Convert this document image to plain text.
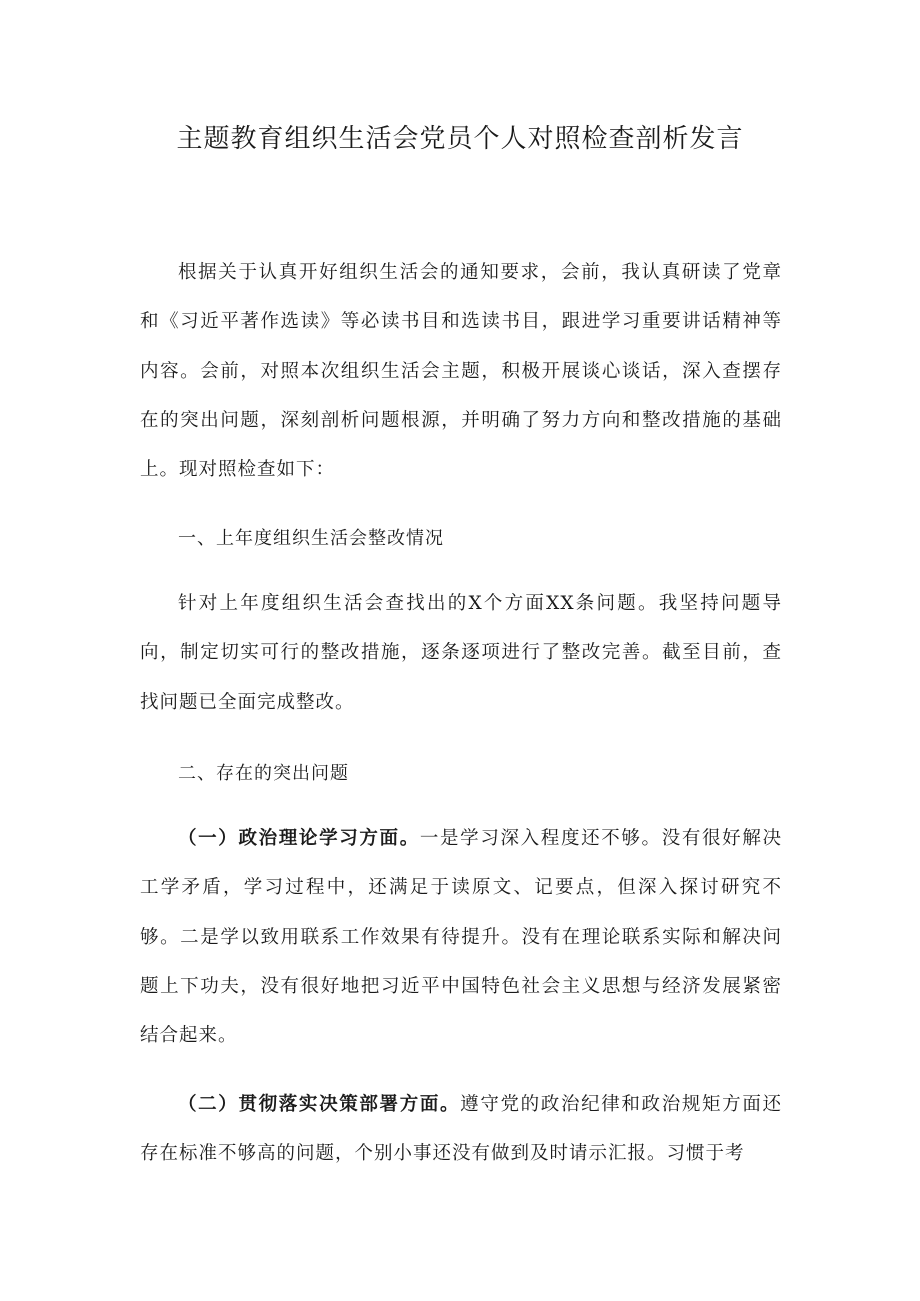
主题教育组织生活会党员个人对照检查剖析发言

根据关于认真开好组织生活会的通知要求，会前，我认真研读了党章和《习近平著作选读》等必读书目和选读书目，跟进学习重要讲话精神等内容。会前，对照本次组织生活会主题，积极开展谈心谈话，深入查摆存在的突出问题，深刻剖析问题根源，并明确了努力方向和整改措施的基础上。现对照检查如下：

一、上年度组织生活会整改情况

针对上年度组织生活会查找出的X个方面XX条问题。我坚持问题导向，制定切实可行的整改措施，逐条逐项进行了整改完善。截至目前，查找问题已全面完成整改。

二、存在的突出问题

（一）政治理论学习方面。一是学习深入程度还不够。没有很好解决工学矛盾，学习过程中，还满足于读原文、记要点，但深入探讨研究不够。二是学以致用联系工作效果有待提升。没有在理论联系实际和解决问题上下功夫，没有很好地把习近平中国特色社会主义思想与经济发展紧密结合起来。

（二）贯彻落实决策部署方面。遵守党的政治纪律和政治规矩方面还存在标准不够高的问题，个别小事还没有做到及时请示汇报。习惯于考
